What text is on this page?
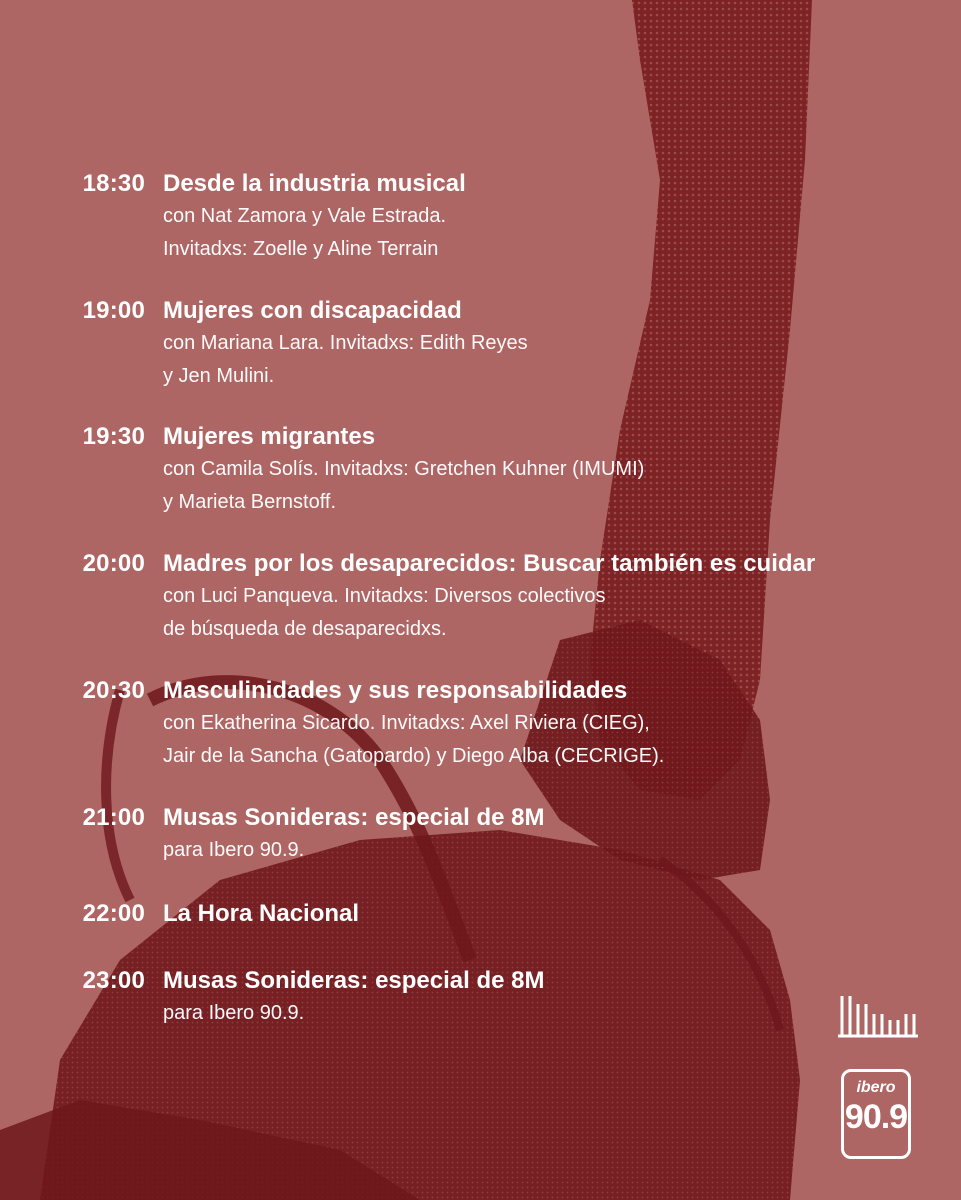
18:30 Desde la industria musical
con Nat Zamora y Vale Estrada.
Invitadxs: Zoelle y Aline Terrain
19:00 Mujeres con discapacidad
con Mariana Lara. Invitadxs: Edith Reyes
y Jen Mulini.
19:30 Mujeres migrantes
con Camila Solís. Invitadxs: Gretchen Kuhner (IMUMI)
y Marieta Bernstoff.
20:00 Madres por los desaparecidos: Buscar también es cuidar
con Luci Panqueva. Invitadxs: Diversos colectivos
de búsqueda de desaparecidxs.
20:30 Masculinidades y sus responsabilidades
con Ekatherina Sicardo. Invitadxs: Axel Riviera (CIEG),
Jair de la Sancha (Gatopardo) y Diego Alba (CECRIGE).
21:00 Musas Sonideras: especial de 8M
para Ibero 90.9.
22:00 La Hora Nacional
23:00 Musas Sonideras: especial de 8M
para Ibero 90.9.
ibero
90.9
